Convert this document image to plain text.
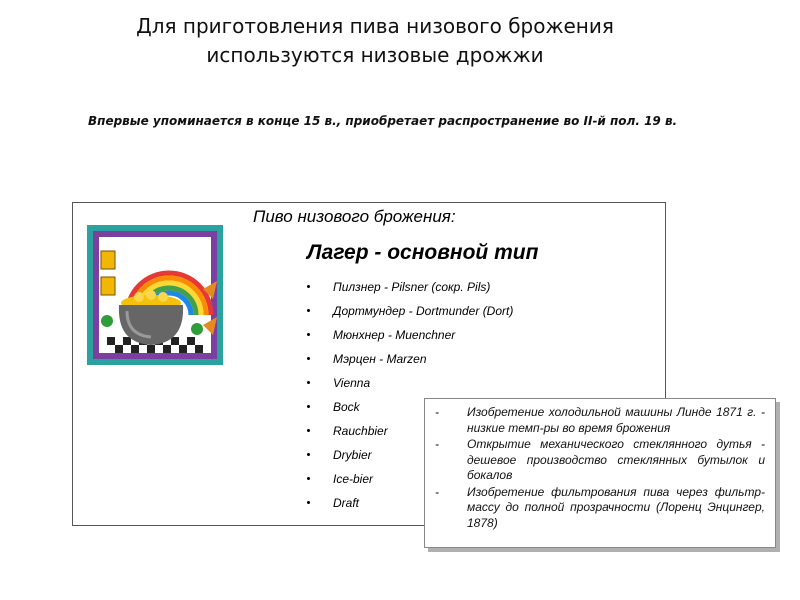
Для приготовления пива низового брожения
используются низовые дрожжи
Впервые упоминается в конце 15 в., приобретает распространение во II-й пол. 19 в.
Пиво низового брожения:
Лагер - основной тип
Пилзнер - Pilsner (сокр. Pils)
Дортмундер - Dortmunder (Dort)
Мюнхнер - Muenchner
Мэрцен - Marzen
Vienna
Bock
Rauchbier
Drybier
Ice-bier
Draft
- Изобретение холодильной машины Линде 1871 г. - низкие темп-ры во время брожения
- Открытие механического стеклянного дутья - дешевое производство стеклянных бутылок и бокалов
- Изобретение фильтрования пива через фильтр-массу до полной прозрачности (Лоренц Энцингер, 1878)
